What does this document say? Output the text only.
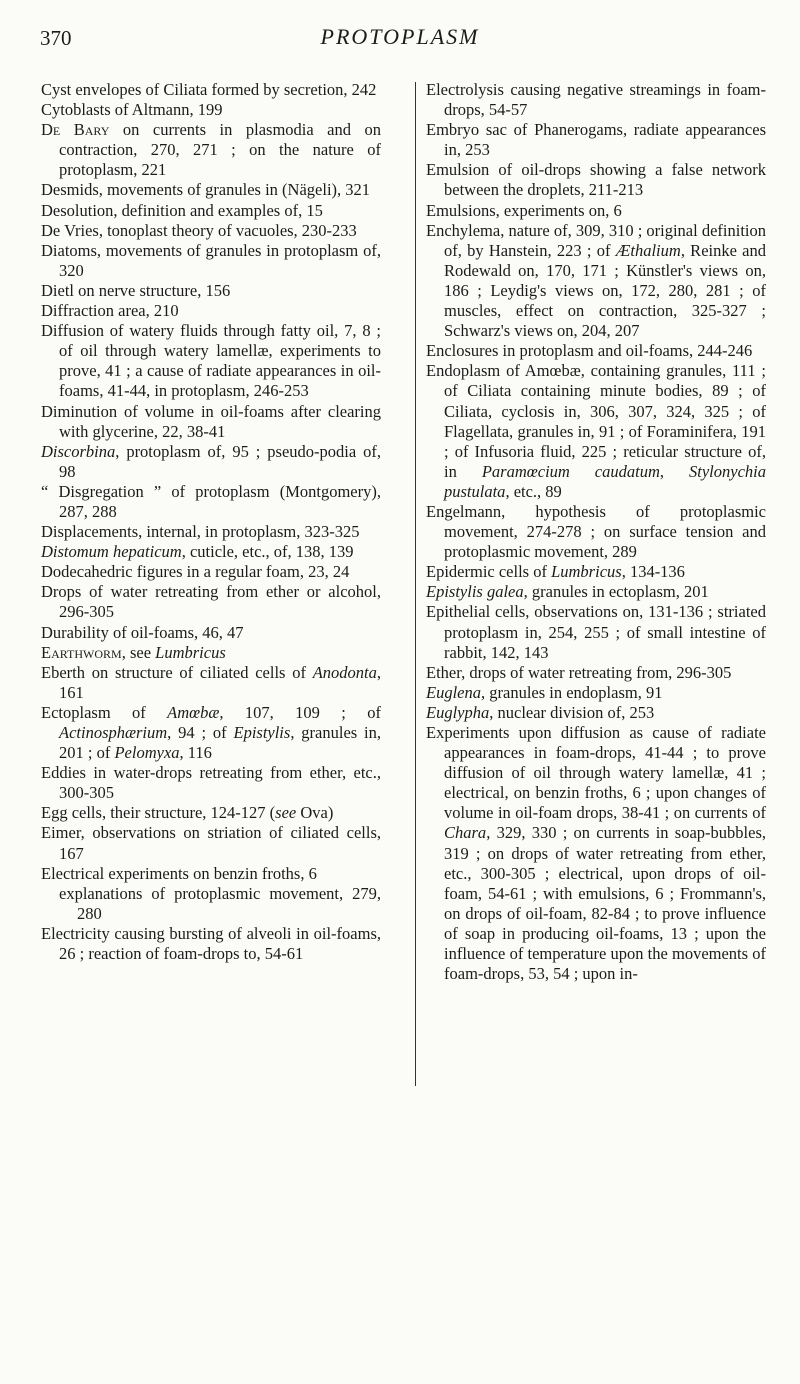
370	PROTOPLASM

Cyst envelopes of Ciliata formed by secretion, 242

Cytoblasts of Altmann, 199

De Bary on currents in plasmodia and on contraction, 270, 271 ; on the nature of protoplasm, 221

Desmids, movements of granules in (Nägeli), 321

Desolution, definition and examples of, 15

De Vries, tonoplast theory of vacuoles, 230-233

Diatoms, movements of granules in protoplasm of, 320

Dietl on nerve structure, 156

Diffraction area, 210

Diffusion of watery fluids through fatty oil, 7, 8 ; of oil through watery lamellæ, experiments to prove, 41 ; a cause of radiate appearances in oil-foams, 41-44, in protoplasm, 246-253

Diminution of volume in oil-foams after clearing with glycerine, 22, 38-41

Discorbina, protoplasm of, 95 ; pseudo-podia of, 98

“ Disgregation ” of protoplasm (Montgomery), 287, 288

Displacements, internal, in protoplasm, 323-325

Distomum hepaticum, cuticle, etc., of, 138, 139

Dodecahedric figures in a regular foam, 23, 24

Drops of water retreating from ether or alcohol, 296-305

Durability of oil-foams, 46, 47

Earthworm, see Lumbricus

Eberth on structure of ciliated cells of Anodonta, 161

Ectoplasm of Amœbæ, 107, 109 ; of Actinosphærium, 94 ; of Epistylis, granules in, 201 ; of Pelomyxa, 116

Eddies in water-drops retreating from ether, etc., 300-305

Egg cells, their structure, 124-127 (see Ova)

Eimer, observations on striation of ciliated cells, 167

Electrical experiments on benzin froths, 6

explanations of protoplasmic movement, 279, 280

Electricity causing bursting of alveoli in oil-foams, 26 ; reaction of foam-drops to, 54-61

Electrolysis causing negative streamings in foam-drops, 54-57

Embryo sac of Phanerogams, radiate appearances in, 253

Emulsion of oil-drops showing a false network between the droplets, 211-213

Emulsions, experiments on, 6

Enchylema, nature of, 309, 310 ; original definition of, by Hanstein, 223 ; of Æthalium, Reinke and Rodewald on, 170, 171 ; Künstler's views on, 186 ; Leydig's views on, 172, 280, 281 ; of muscles, effect on contraction, 325-327 ; Schwarz's views on, 204, 207

Enclosures in protoplasm and oil-foams, 244-246

Endoplasm of Amœbæ, containing granules, 111 ; of Ciliata containing minute bodies, 89 ; of Ciliata, cyclosis in, 306, 307, 324, 325 ; of Flagellata, granules in, 91 ; of Foraminifera, 191 ; of Infusoria fluid, 225 ; reticular structure of, in Paramœcium caudatum, Stylonychia pustulata, etc., 89

Engelmann, hypothesis of protoplasmic movement, 274-278 ; on surface tension and protoplasmic movement, 289

Epidermic cells of Lumbricus, 134-136

Epistylis galea, granules in ectoplasm, 201

Epithelial cells, observations on, 131-136 ; striated protoplasm in, 254, 255 ; of small intestine of rabbit, 142, 143

Ether, drops of water retreating from, 296-305

Euglena, granules in endoplasm, 91

Euglypha, nuclear division of, 253

Experiments upon diffusion as cause of radiate appearances in foam-drops, 41-44 ; to prove diffusion of oil through watery lamellæ, 41 ; electrical, on benzin froths, 6 ; upon changes of volume in oil-foam drops, 38-41 ; on currents of Chara, 329, 330 ; on currents in soap-bubbles, 319 ; on drops of water retreating from ether, etc., 300-305 ; electrical, upon drops of oil-foam, 54-61 ; with emulsions, 6 ; Frommann's, on drops of oil-foam, 82-84 ; to prove influence of soap in producing oil-foams, 13 ; upon the influence of temperature upon the movements of foam-drops, 53, 54 ; upon in-
